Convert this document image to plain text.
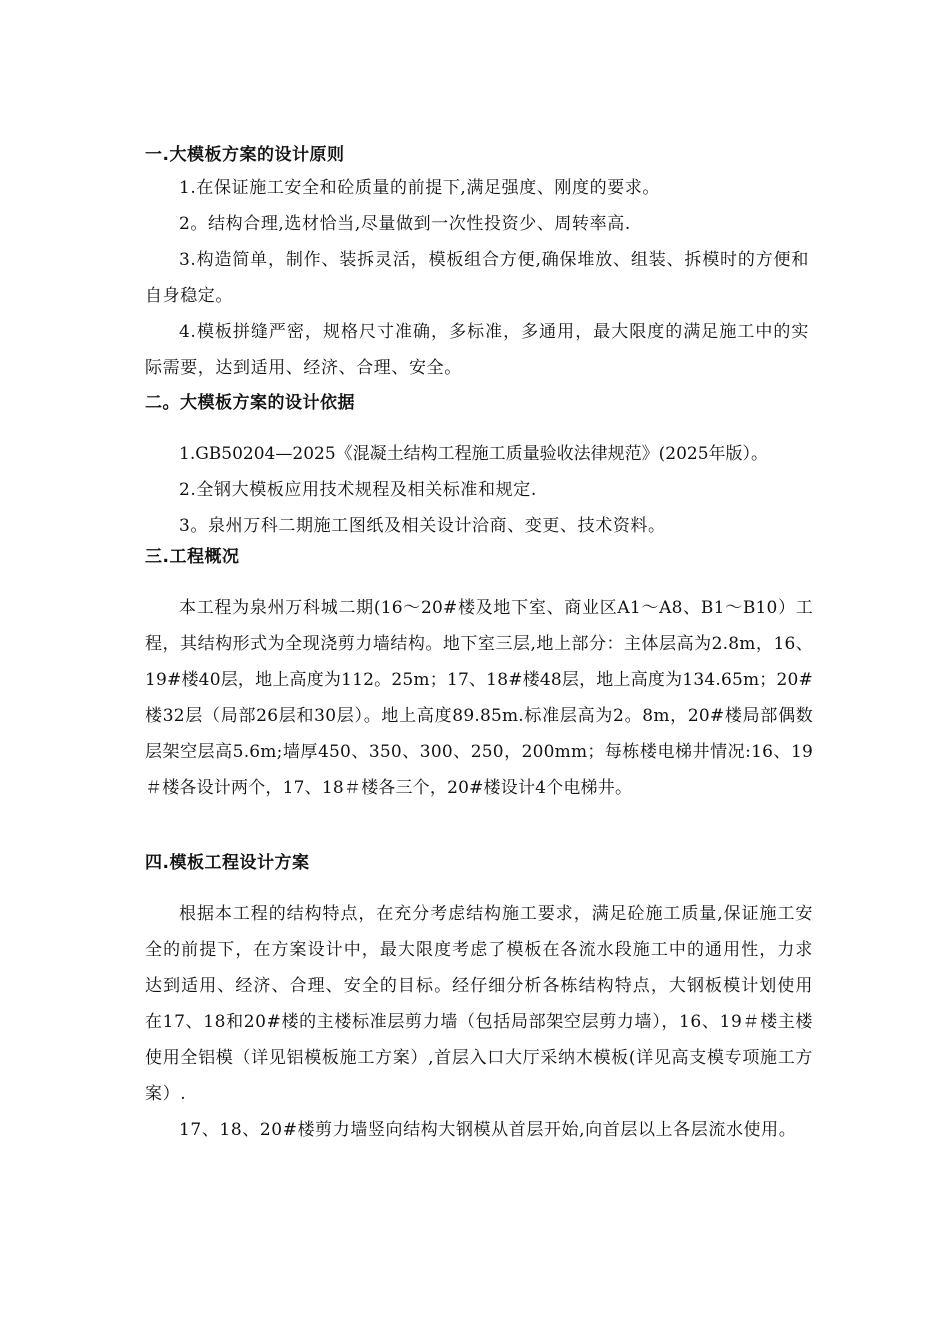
一.大模板方案的设计原则

1.在保证施工安全和砼质量的前提下,满足强度、刚度的要求。

2。结构合理,选材恰当,尽量做到一次性投资少、周转率高.

3.构造简单，制作、装拆灵活，模板组合方便,确保堆放、组装、拆模时的方便和自身稳定。

4.模板拼缝严密，规格尺寸准确，多标准，多通用，最大限度的满足施工中的实际需要，达到适用、经济、合理、安全。

二。大模板方案的设计依据

1.GB50204—2025《混凝土结构工程施工质量验收法律规范》(2025年版）。

2.全钢大模板应用技术规程及相关标准和规定.

3。泉州万科二期施工图纸及相关设计洽商、变更、技术资料。

三.工程概况

本工程为泉州万科城二期(16～20#楼及地下室、商业区A1～A8、B1～B10）工程，其结构形式为全现浇剪力墙结构。地下室三层,地上部分：主体层高为2.8m，16、19#楼40层，地上高度为112。25m；17、18#楼48层，地上高度为134.65m；20#楼32层（局部26层和30层）。地上高度89.85m.标准层高为2。8m，20#楼局部偶数层架空层高5.6m;墙厚450、350、300、250，200mm；每栋楼电梯井情况:16、19＃楼各设计两个，17、18＃楼各三个，20#楼设计4个电梯井。

四.模板工程设计方案

根据本工程的结构特点，在充分考虑结构施工要求，满足砼施工质量,保证施工安全的前提下，在方案设计中，最大限度考虑了模板在各流水段施工中的通用性，力求达到适用、经济、合理、安全的目标。经仔细分析各栋结构特点，大钢板模计划使用在17、18和20#楼的主楼标准层剪力墙（包括局部架空层剪力墙），16、19＃楼主楼使用全铝模（详见铝模板施工方案）,首层入口大厅采纳木模板(详见高支模专项施工方案）.

17、18、20#楼剪力墙竖向结构大钢模从首层开始,向首层以上各层流水使用。
